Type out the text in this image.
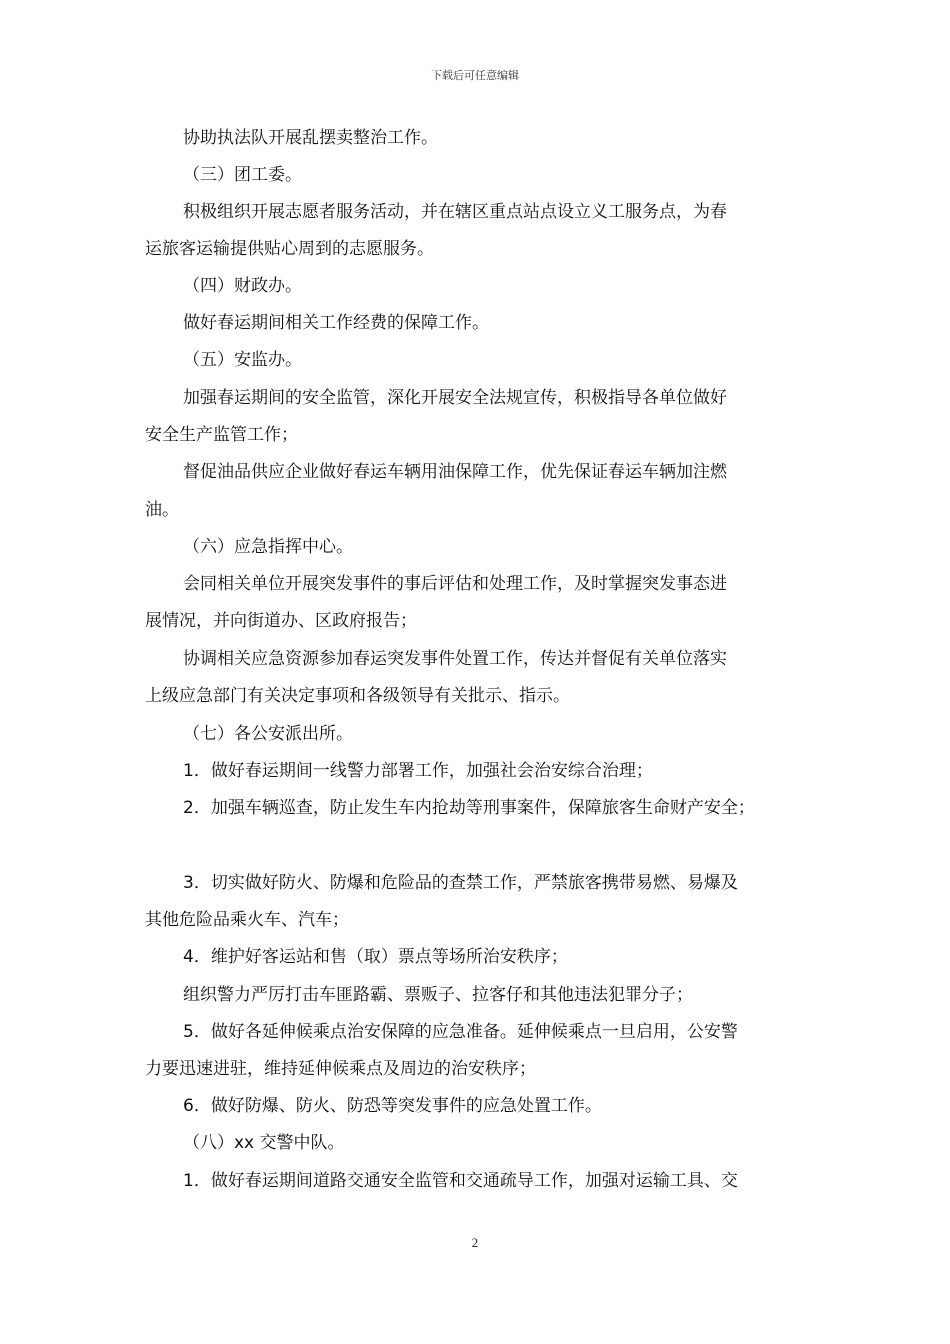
下载后可任意编辑
协助执法队开展乱摆卖整治工作。
（三）团工委。
积极组织开展志愿者服务活动，并在辖区重点站点设立义工服务点，为春
运旅客运输提供贴心周到的志愿服务。
（四）财政办。
做好春运期间相关工作经费的保障工作。
（五）安监办。
加强春运期间的安全监管，深化开展安全法规宣传，积极指导各单位做好
安全生产监管工作；
督促油品供应企业做好春运车辆用油保障工作，优先保证春运车辆加注燃
油。
（六）应急指挥中心。
会同相关单位开展突发事件的事后评估和处理工作，及时掌握突发事态进
展情况，并向街道办、区政府报告；
协调相关应急资源参加春运突发事件处置工作，传达并督促有关单位落实
上级应急部门有关决定事项和各级领导有关批示、指示。
（七）各公安派出所。
1．做好春运期间一线警力部署工作，加强社会治安综合治理；
2．加强车辆巡查，防止发生车内抢劫等刑事案件，保障旅客生命财产安全；
3．切实做好防火、防爆和危险品的查禁工作，严禁旅客携带易燃、易爆及
其他危险品乘火车、汽车；
4．维护好客运站和售（取）票点等场所治安秩序；
组织警力严厉打击车匪路霸、票贩子、拉客仔和其他违法犯罪分子；
5．做好各延伸候乘点治安保障的应急准备。延伸候乘点一旦启用，公安警
力要迅速进驻，维持延伸候乘点及周边的治安秩序；
6．做好防爆、防火、防恐等突发事件的应急处置工作。
（八）xx 交警中队。
1．做好春运期间道路交通安全监管和交通疏导工作，加强对运输工具、交
2
